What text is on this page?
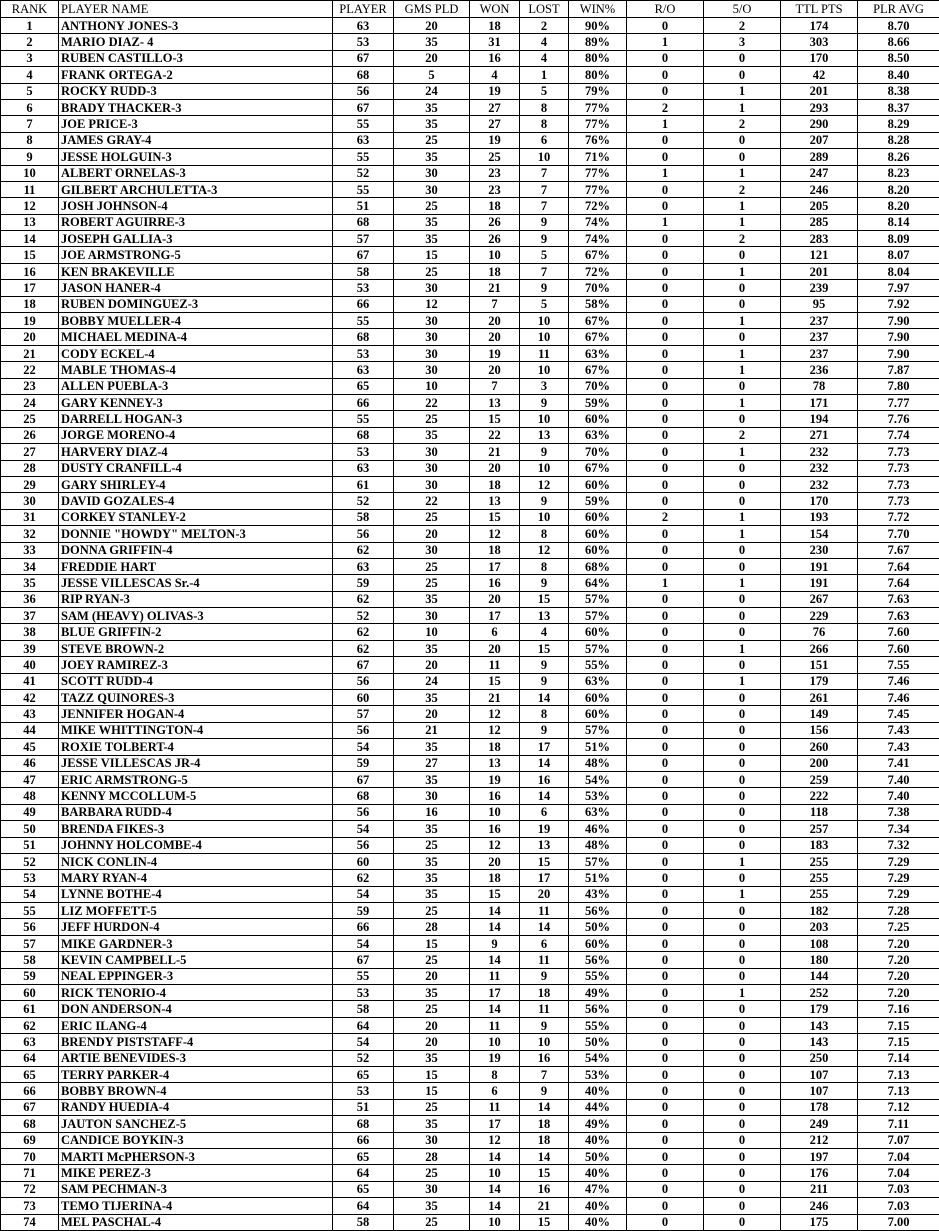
RANK	PLAYER NAME	PLAYER	GMS PLD	WON	LOST	WIN%	R/O	5/O	TTL PTS	PLR AVG
1	ANTHONY JONES-3	63	20	18	2	90%	0	2	174	8.70
2	MARIO DIAZ- 4	53	35	31	4	89%	1	3	303	8.66
3	RUBEN CASTILLO-3	67	20	16	4	80%	0	0	170	8.50
4	FRANK ORTEGA-2	68	5	4	1	80%	0	0	42	8.40
5	ROCKY RUDD-3	56	24	19	5	79%	0	1	201	8.38
6	BRADY THACKER-3	67	35	27	8	77%	2	1	293	8.37
7	JOE PRICE-3	55	35	27	8	77%	1	2	290	8.29
8	JAMES GRAY-4	63	25	19	6	76%	0	0	207	8.28
9	JESSE HOLGUIN-3	55	35	25	10	71%	0	0	289	8.26
10	ALBERT ORNELAS-3	52	30	23	7	77%	1	1	247	8.23
11	GILBERT ARCHULETTA-3	55	30	23	7	77%	0	2	246	8.20
12	JOSH JOHNSON-4	51	25	18	7	72%	0	1	205	8.20
13	ROBERT AGUIRRE-3	68	35	26	9	74%	1	1	285	8.14
14	JOSEPH GALLIA-3	57	35	26	9	74%	0	2	283	8.09
15	JOE ARMSTRONG-5	67	15	10	5	67%	0	0	121	8.07
16	KEN BRAKEVILLE	58	25	18	7	72%	0	1	201	8.04
17	JASON HANER-4	53	30	21	9	70%	0	0	239	7.97
18	RUBEN DOMINGUEZ-3	66	12	7	5	58%	0	0	95	7.92
19	BOBBY MUELLER-4	55	30	20	10	67%	0	1	237	7.90
20	MICHAEL MEDINA-4	68	30	20	10	67%	0	0	237	7.90
21	CODY ECKEL-4	53	30	19	11	63%	0	1	237	7.90
22	MABLE THOMAS-4	63	30	20	10	67%	0	1	236	7.87
23	ALLEN PUEBLA-3	65	10	7	3	70%	0	0	78	7.80
24	GARY KENNEY-3	66	22	13	9	59%	0	1	171	7.77
25	DARRELL HOGAN-3	55	25	15	10	60%	0	0	194	7.76
26	JORGE MORENO-4	68	35	22	13	63%	0	2	271	7.74
27	HARVERY DIAZ-4	53	30	21	9	70%	0	1	232	7.73
28	DUSTY CRANFILL-4	63	30	20	10	67%	0	0	232	7.73
29	GARY SHIRLEY-4	61	30	18	12	60%	0	0	232	7.73
30	DAVID GOZALES-4	52	22	13	9	59%	0	0	170	7.73
31	CORKEY STANLEY-2	58	25	15	10	60%	2	1	193	7.72
32	DONNIE "HOWDY" MELTON-3	56	20	12	8	60%	0	1	154	7.70
33	DONNA GRIFFIN-4	62	30	18	12	60%	0	0	230	7.67
34	FREDDIE HART	63	25	17	8	68%	0	0	191	7.64
35	JESSE VILLESCAS Sr.-4	59	25	16	9	64%	1	1	191	7.64
36	RIP RYAN-3	62	35	20	15	57%	0	0	267	7.63
37	SAM (HEAVY) OLIVAS-3	52	30	17	13	57%	0	0	229	7.63
38	BLUE GRIFFIN-2	62	10	6	4	60%	0	0	76	7.60
39	STEVE BROWN-2	62	35	20	15	57%	0	1	266	7.60
40	JOEY RAMIREZ-3	67	20	11	9	55%	0	0	151	7.55
41	SCOTT RUDD-4	56	24	15	9	63%	0	1	179	7.46
42	TAZZ QUINORES-3	60	35	21	14	60%	0	0	261	7.46
43	JENNIFER HOGAN-4	57	20	12	8	60%	0	0	149	7.45
44	MIKE WHITTINGTON-4	56	21	12	9	57%	0	0	156	7.43
45	ROXIE TOLBERT-4	54	35	18	17	51%	0	0	260	7.43
46	JESSE VILLESCAS JR-4	59	27	13	14	48%	0	0	200	7.41
47	ERIC ARMSTRONG-5	67	35	19	16	54%	0	0	259	7.40
48	KENNY MCCOLLUM-5	68	30	16	14	53%	0	0	222	7.40
49	BARBARA RUDD-4	56	16	10	6	63%	0	0	118	7.38
50	BRENDA FIKES-3	54	35	16	19	46%	0	0	257	7.34
51	JOHNNY HOLCOMBE-4	56	25	12	13	48%	0	0	183	7.32
52	NICK CONLIN-4	60	35	20	15	57%	0	1	255	7.29
53	MARY RYAN-4	62	35	18	17	51%	0	0	255	7.29
54	LYNNE BOTHE-4	54	35	15	20	43%	0	1	255	7.29
55	LIZ MOFFETT-5	59	25	14	11	56%	0	0	182	7.28
56	JEFF HURDON-4	66	28	14	14	50%	0	0	203	7.25
57	MIKE GARDNER-3	54	15	9	6	60%	0	0	108	7.20
58	KEVIN CAMPBELL-5	67	25	14	11	56%	0	0	180	7.20
59	NEAL EPPINGER-3	55	20	11	9	55%	0	0	144	7.20
60	RICK TENORIO-4	53	35	17	18	49%	0	1	252	7.20
61	DON ANDERSON-4	58	25	14	11	56%	0	0	179	7.16
62	ERIC ILANG-4	64	20	11	9	55%	0	0	143	7.15
63	BRENDY PISTSTAFF-4	54	20	10	10	50%	0	0	143	7.15
64	ARTIE BENEVIDES-3	52	35	19	16	54%	0	0	250	7.14
65	TERRY PARKER-4	65	15	8	7	53%	0	0	107	7.13
66	BOBBY BROWN-4	53	15	6	9	40%	0	0	107	7.13
67	RANDY HUEDIA-4	51	25	11	14	44%	0	0	178	7.12
68	JAUTON SANCHEZ-5	68	35	17	18	49%	0	0	249	7.11
69	CANDICE BOYKIN-3	66	30	12	18	40%	0	0	212	7.07
70	MARTI McPHERSON-3	65	28	14	14	50%	0	0	197	7.04
71	MIKE PEREZ-3	64	25	10	15	40%	0	0	176	7.04
72	SAM PECHMAN-3	65	30	14	16	47%	0	0	211	7.03
73	TEMO TIJERINA-4	64	35	14	21	40%	0	0	246	7.03
74	MEL PASCHAL-4	58	25	10	15	40%	0	0	175	7.00
